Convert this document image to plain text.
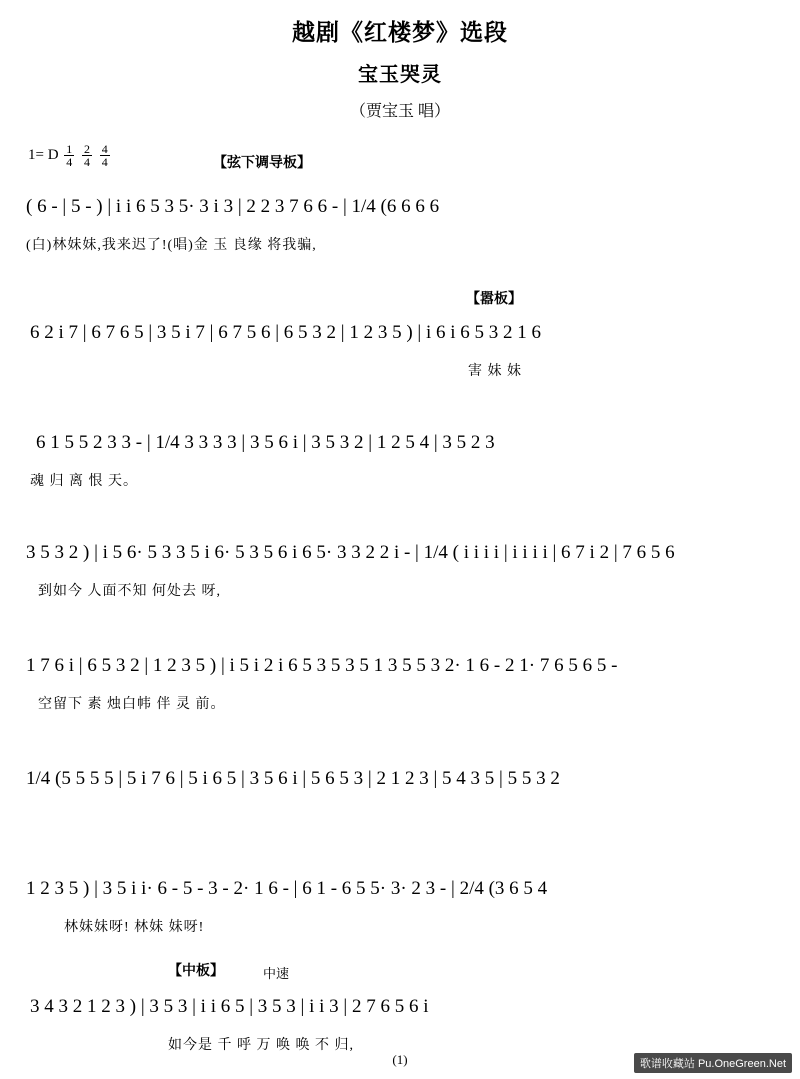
越剧《红楼梦》选段
宝玉哭灵
（贾宝玉 唱）
1= D $\frac{1}{4}$
$\frac{2}{4}$
$\frac{4}{4}$	【弦下调导板】
【嚣板】
【中板】	中速
( 6 - | 5 - ) | i i 6 5 3 5· 3 i 3 | 2 2 3 7 6 6 - | 1/4 (6 6 6 6
(白)林妹妹,我来迟了!(唱)金 玉 良缘 将我骗,
6 2 i 7 | 6 7 6 5 | 3 5 i 7 | 6 7 5 6 | 6 5 3 2 | 1 2 3 5 ) | i 6 i 6 5 3 2 1 6
害 妹 妹
6 1 5 5 2 3 3 - | 1/4 3 3 3 3 | 3 5 6 i | 3 5 3 2 | 1 2 5 4 | 3 5 2 3
魂 归 离 恨 天。
3 5 3 2 ) | i 5 6· 5 3 3 5 i 6· 5 3 5 6 i 6 5· 3 3 2 2 i - | 1/4 ( i i i i | i i i i | 6 7 i 2 | 7 6 5 6
到如今 人面不知 何处去 呀,
1 7 6 i | 6 5 3 2 | 1 2 3 5 ) | i 5 i 2 i 6 5 3 5 3 5 1 3 5 5 3 2· 1 6 - 2 1· 7 6 5 6 5 -
空留下 素 烛白帏 伴 灵 前。
1/4 (5 5 5 5 | 5 i 7 6 | 5 i 6 5 | 3 5 6 i | 5 6 5 3 | 2 1 2 3 | 5 4 3 5 | 5 5 3 2
1 2 3 5 ) | 3 5 i i· 6 - 5 - 3 - 2· 1 6 - | 6 1 - 6 5 5· 3· 2 3 - | 2/4 (3 6 5 4
林妹妹呀! 林妹 妹呀!
3 4 3 2 1 2 3 ) | 3 5 3 | i i 6 5 | 3 5 3 | i i 3 | 2 7 6 5 6 i
如今是 千 呼 万 唤 唤 不 归,
(1)	歌谱收藏站 Pu.OneGreen.Net
